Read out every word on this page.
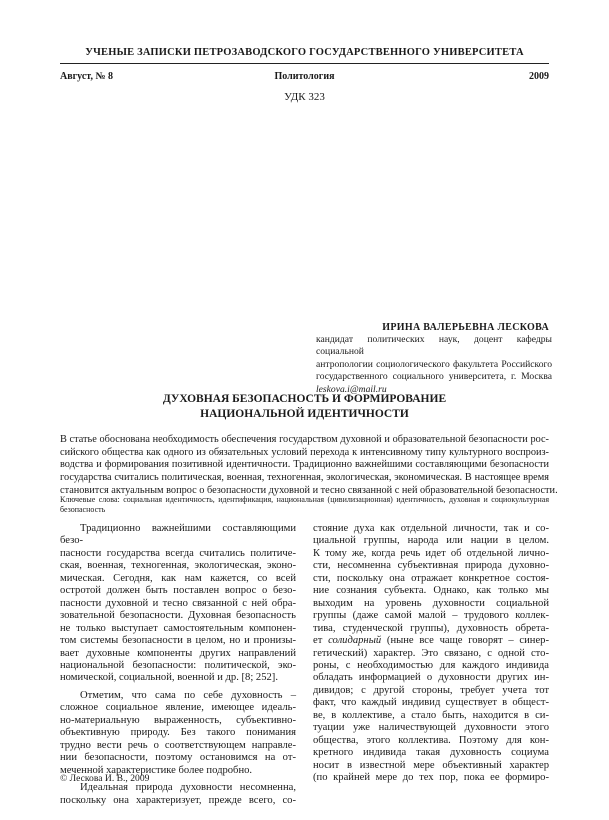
УЧЕНЫЕ ЗАПИСКИ ПЕТРОЗАВОДСКОГО ГОСУДАРСТВЕННОГО УНИВЕРСИТЕТА
Август, № 8	Политология	2009
УДК 323
ИРИНА ВАЛЕРЬЕВНА ЛЕСКОВА
кандидат политических наук, доцент кафедры социальной
антропологии социологического факультета Российского
государственного социального университета, г. Москва
leskova.i@mail.ru
ДУХОВНАЯ БЕЗОПАСНОСТЬ И ФОРМИРОВАНИЕ
НАЦИОНАЛЬНОЙ ИДЕНТИЧНОСТИ
В статье обоснована необходимость обеспечения государством духовной и образовательной безопасности рос-
сийского общества как одного из обязательных условий перехода к интенсивному типу культурного воспроиз-
водства и формирования позитивной идентичности. Традиционно важнейшими составляющими безопасности
государства считались политическая, военная, техногенная, экологическая, экономическая. В настоящее время
становится актуальным вопрос о безопасности духовной и тесно связанной с ней образовательной безопасности.
Ключевые слова: социальная идентичность, идентификация, национальная (цивилизационная) идентичность, духовная и социокультурная
безопасность
Традиционно важнейшими составляющими безо-
пасности государства всегда считались политиче-
ская, военная, техногенная, экологическая, эконо-
мическая. Сегодня, как нам кажется, со всей
остротой должен быть поставлен вопрос о безо-
пасности духовной и тесно связанной с ней обра-
зовательной безопасности. Духовная безопасность
не только выступает самостоятельным компонен-
том системы безопасности в целом, но и пронизы-
вает духовные компоненты других направлений
национальной безопасности: политической, эко-
номической, социальной, военной и др. [8; 252].
Отметим, что сама по себе духовность –
сложное социальное явление, имеющее идеаль-
но-материальную выраженность, субъективно-
объективную природу. Без такого понимания
трудно вести речь о соответствующем направле-
нии безопасности, поэтому остановимся на от-
меченной характеристике более подробно.
Идеальная природа духовности несомненна,
поскольку она характеризует, прежде всего, со-
стояние духа как отдельной личности, так и со-
циальной группы, народа или нации в целом.
К тому же, когда речь идет об отдельной лично-
сти, несомненна субъективная природа духовно-
сти, поскольку она отражает конкретное состоя-
ние сознания субъекта. Однако, как только мы
выходим на уровень духовности социальной
группы (даже самой малой – трудового коллек-
тива, студенческой группы), духовность обрета-
ет солидарный (ныне все чаще говорят – синер-
гетический) характер. Это связано, с одной сто-
роны, с необходимостью для каждого индивида
обладать информацией о духовности других ин-
дивидов; с другой стороны, требует учета тот
факт, что каждый индивид существует в общест-
ве, в коллективе, а стало быть, находится в си-
туации уже наличествующей духовности этого
общества, этого коллектива. Поэтому для кон-
кретного индивида такая духовность социума
носит в известной мере объективный характер
(по крайней мере до тех пор, пока ее формиро-
© Лескова И. В., 2009
